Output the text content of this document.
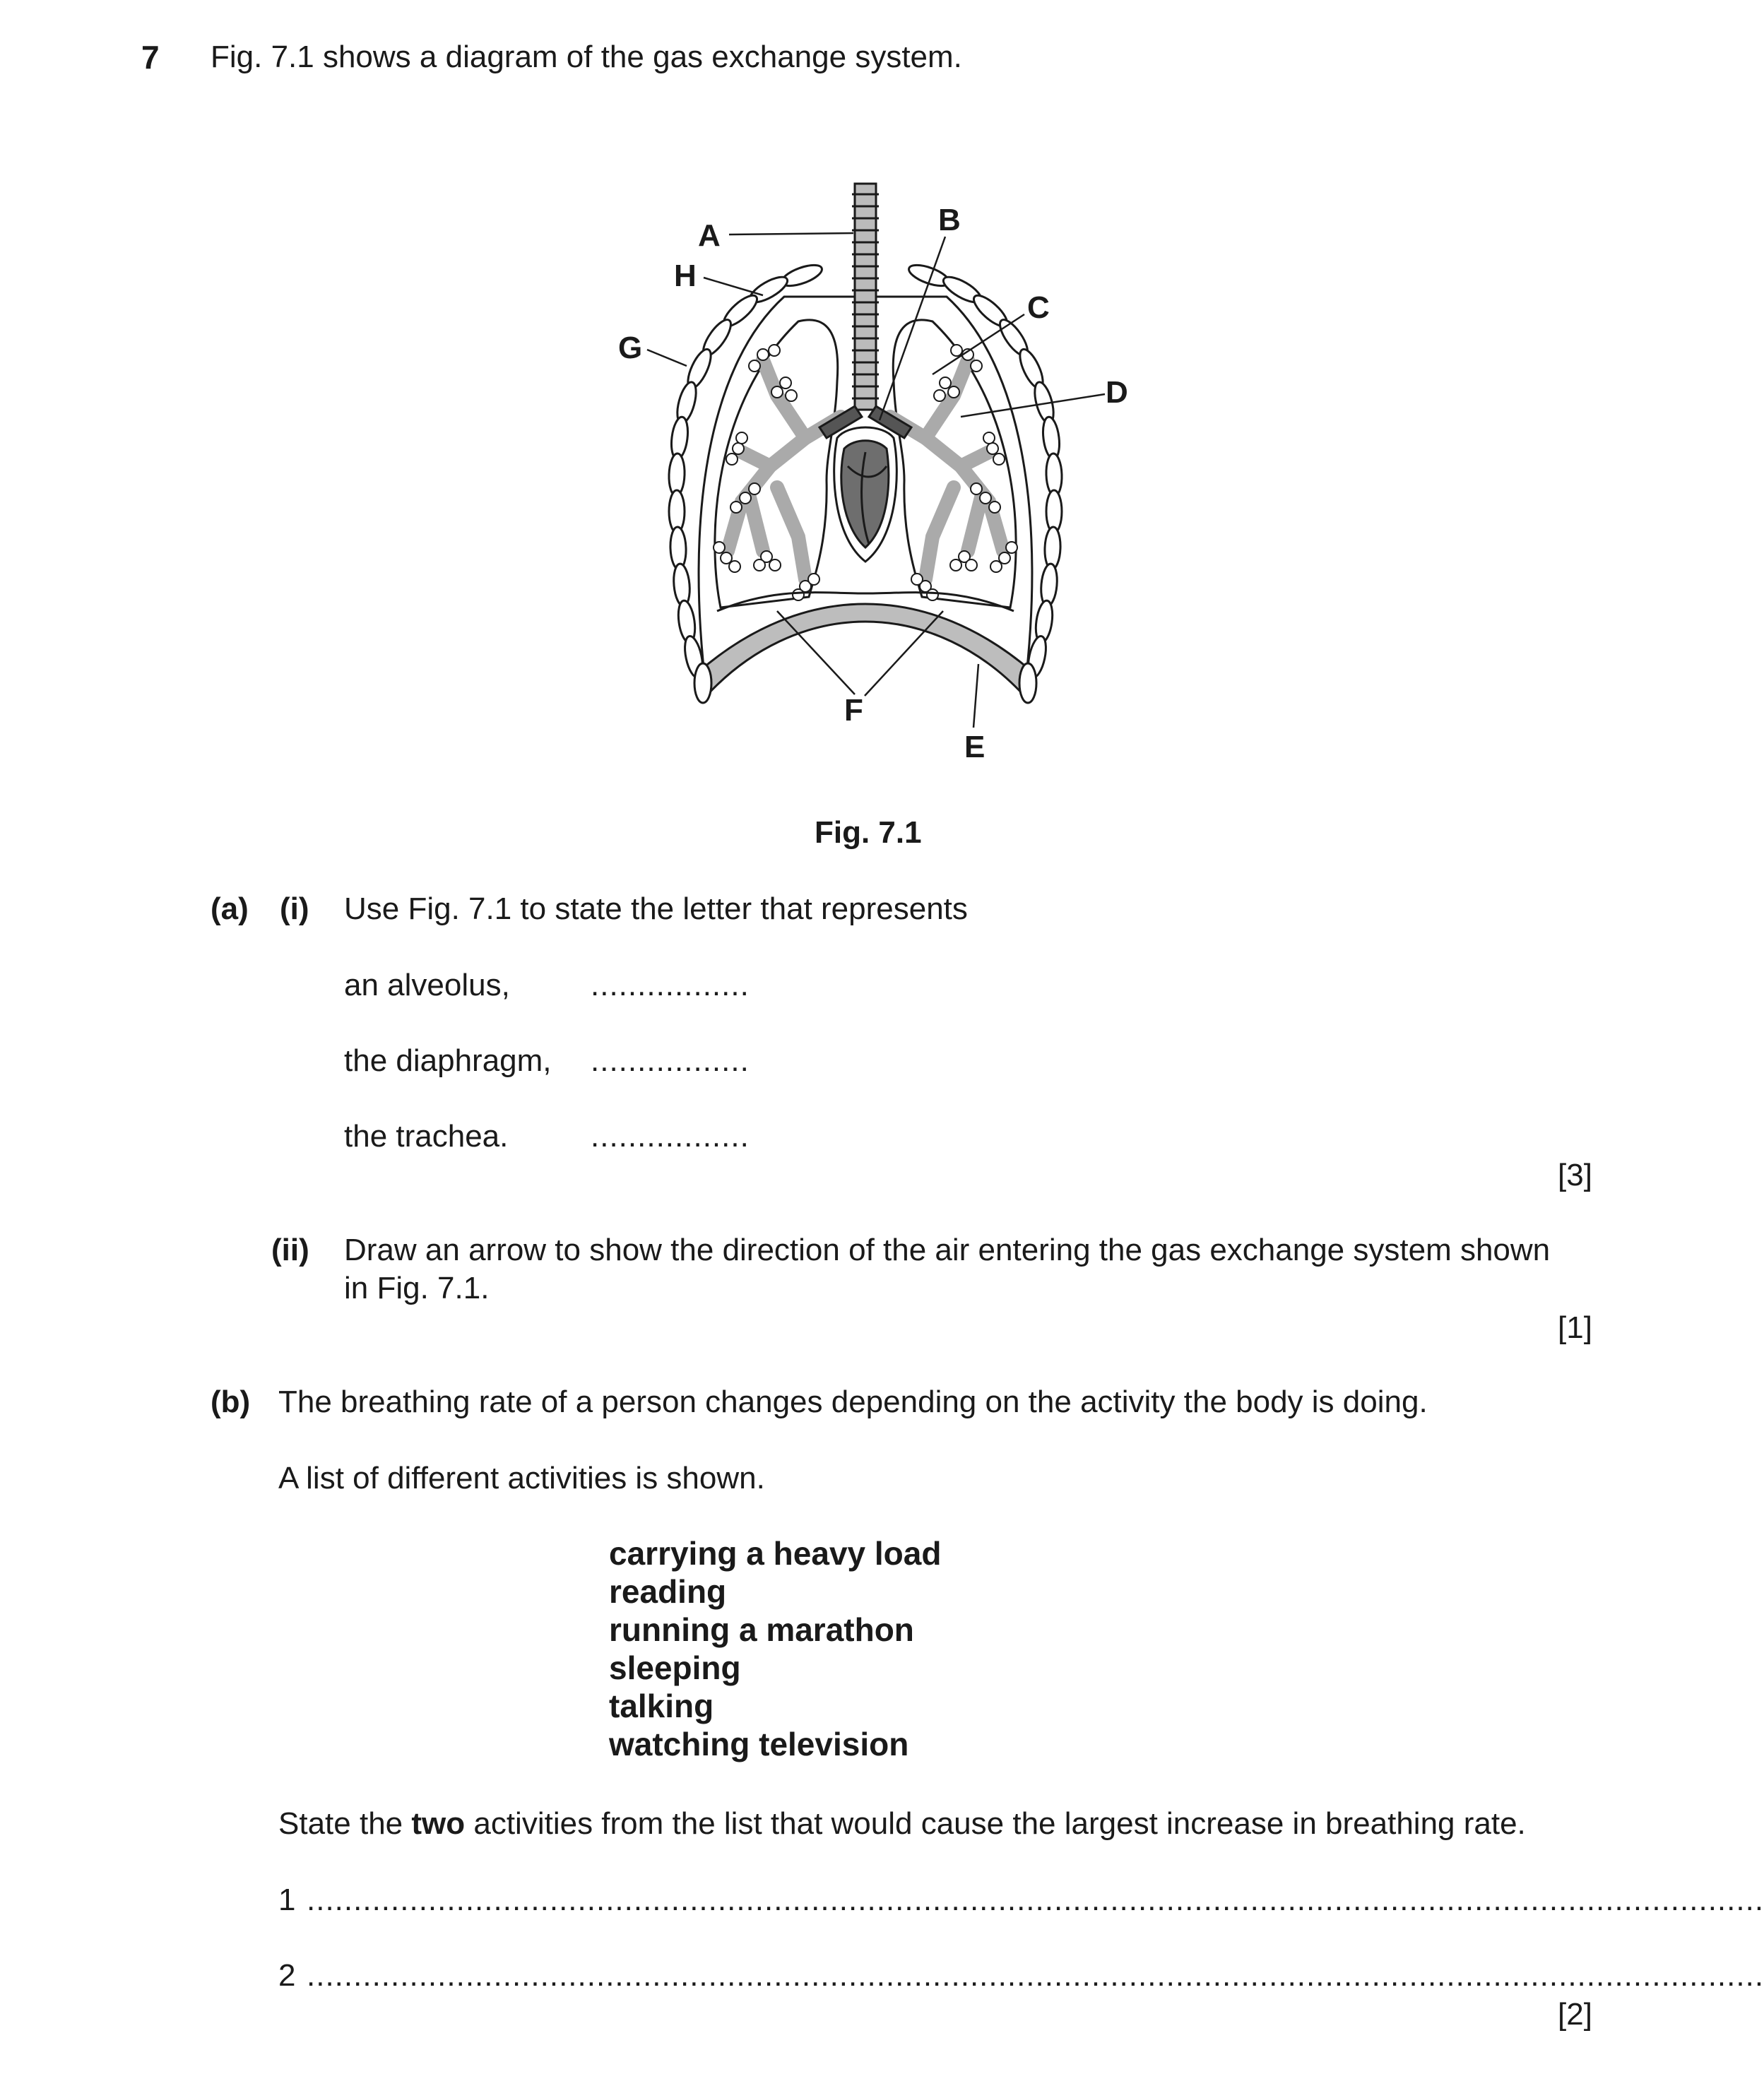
7 Fig. 7.1 shows a diagram of the gas exchange system.
A	B
C
D
E
F
G
H
Fig. 7.1
(a) (i) Use Fig. 7.1 to state the letter that represents
an alveolus,	.................
the diaphragm, .................
the trachea.	.................
[3]
(ii) Draw an arrow to show the direction of the air entering the gas exchange system shown
in Fig. 7.1.
[1]
(b) The breathing rate of a person changes depending on the activity the body is doing.
A list of different activities is shown.
carrying a heavy load
reading
running a marathon
sleeping
talking
watching television
State the two activities from the list that would cause the largest increase in breathing rate.
1 ............................................................................................................................................................
2 ............................................................................................................................................................
[2]
